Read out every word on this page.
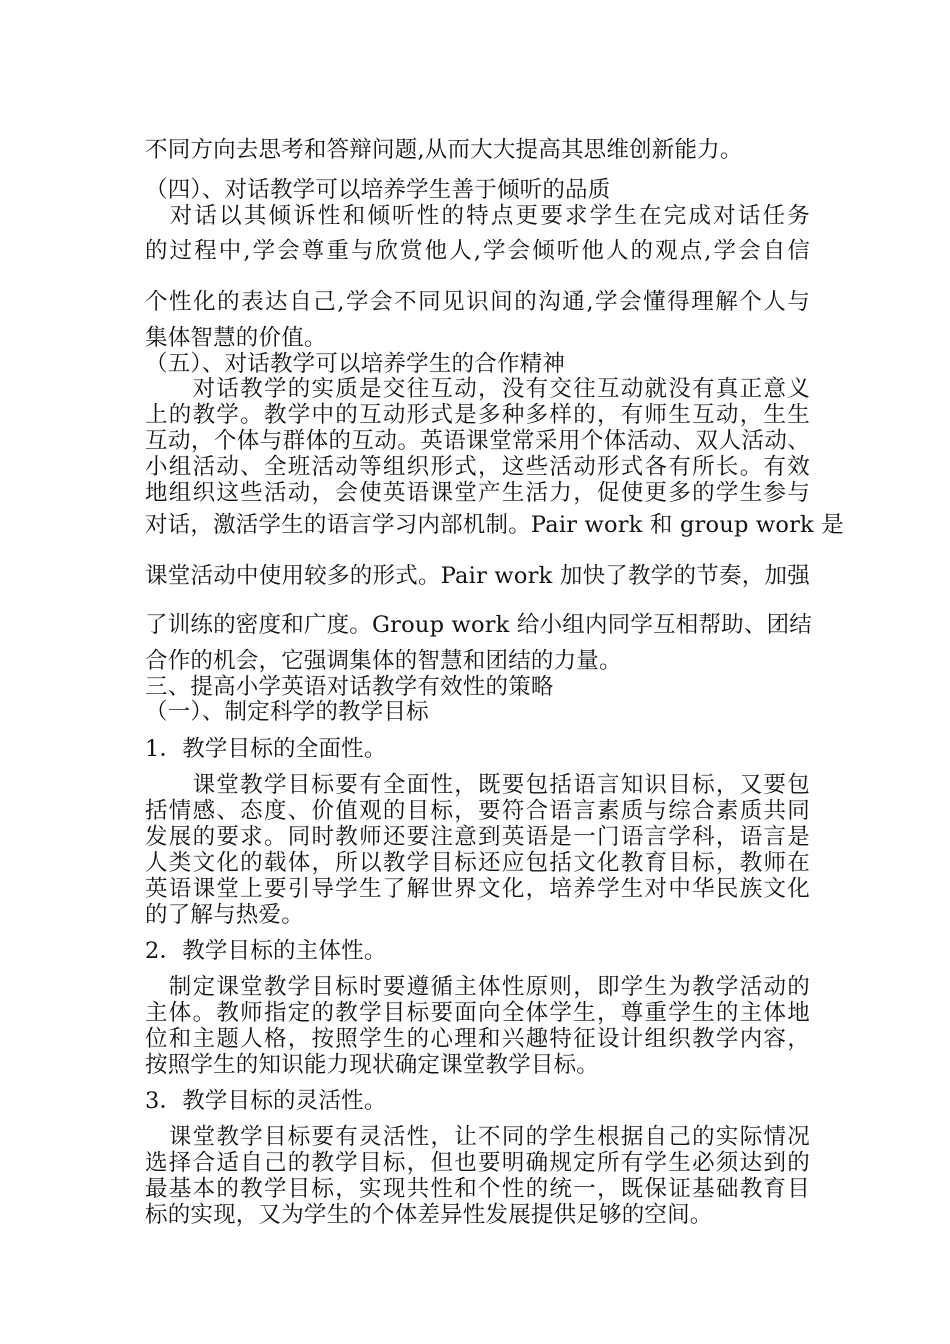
不同方向去思考和答辩问题,从而大大提高其思维创新能力。
（四）、对话教学可以培养学生善于倾听的品质
　对话以其倾诉性和倾听性的特点更要求学生在完成对话任务
的过程中,学会尊重与欣赏他人,学会倾听他人的观点,学会自信
个性化的表达自己,学会不同见识间的沟通,学会懂得理解个人与
集体智慧的价值。
（五）、对话教学可以培养学生的合作精神
　　对话教学的实质是交往互动，没有交往互动就没有真正意义
上的教学。教学中的互动形式是多种多样的，有师生互动，生生
互动，个体与群体的互动。英语课堂常采用个体活动、双人活动、
小组活动、全班活动等组织形式，这些活动形式各有所长。有效
地组织这些活动，会使英语课堂产生活力，促使更多的学生参与
对话，激活学生的语言学习内部机制。Pair work 和 group work 是
课堂活动中使用较多的形式。Pair work 加快了教学的节奏，加强
了训练的密度和广度。Group work 给小组内同学互相帮助、团结
合作的机会，它强调集体的智慧和团结的力量。
三、提高小学英语对话教学有效性的策略
（一）、制定科学的教学目标
1．教学目标的全面性。
　　课堂教学目标要有全面性，既要包括语言知识目标，又要包
括情感、态度、价值观的目标，要符合语言素质与综合素质共同
发展的要求。同时教师还要注意到英语是一门语言学科，语言是
人类文化的载体，所以教学目标还应包括文化教育目标，教师在
英语课堂上要引导学生了解世界文化，培养学生对中华民族文化
的了解与热爱。
2．教学目标的主体性。
　制定课堂教学目标时要遵循主体性原则，即学生为教学活动的
主体。教师指定的教学目标要面向全体学生，尊重学生的主体地
位和主题人格，按照学生的心理和兴趣特征设计组织教学内容，
按照学生的知识能力现状确定课堂教学目标。
3．教学目标的灵活性。
　课堂教学目标要有灵活性，让不同的学生根据自己的实际情况
选择合适自己的教学目标，但也要明确规定所有学生必须达到的
最基本的教学目标，实现共性和个性的统一，既保证基础教育目
标的实现，又为学生的个体差异性发展提供足够的空间。
